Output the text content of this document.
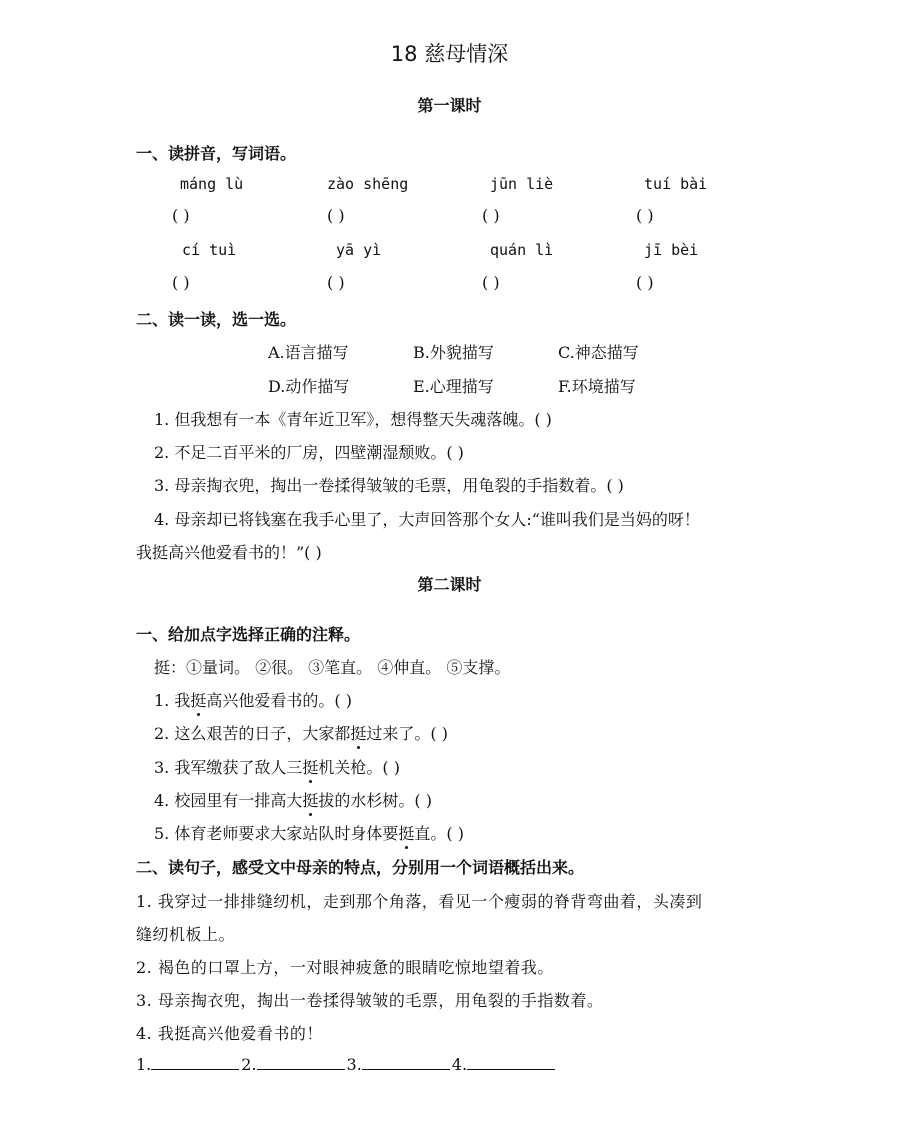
18 慈母情深
第一课时
一、读拼音，写词语。
máng lù	zào shēng	jūn liè	tuí bài
( )	( )	( )	( )
cí tuì	yā yì	quán lì	jī bèi
( )	( )	( )	( )
二、读一读，选一选。
A.语言描写	B.外貌描写	C.神态描写
D.动作描写	E.心理描写	F.环境描写
1. 但我想有一本《青年近卫军》，想得整天失魂落魄。( )
2. 不足二百平米的厂房，四壁潮湿颓败。( )
3. 母亲掏衣兜，掏出一卷揉得皱皱的毛票，用龟裂的手指数着。( )
4. 母亲却已将钱塞在我手心里了，大声回答那个女人:“谁叫我们是当妈的呀！
我挺高兴他爱看书的！”( )
第二课时
一、给加点字选择正确的注释。
挺：①量词。 ②很。 ③笔直。 ④伸直。 ⑤支撑。
1. 我挺高兴他爱看书的。( )
2. 这么艰苦的日子，大家都挺过来了。( )
3. 我军缴获了敌人三挺机关枪。( )
4. 校园里有一排高大挺拔的水杉树。( )
5. 体育老师要求大家站队时身体要挺直。( )
二、读句子，感受文中母亲的特点，分别用一个词语概括出来。
1. 我穿过一排排缝纫机，走到那个角落，看见一个瘦弱的脊背弯曲着，头凑到
缝纫机板上。
2. 褐色的口罩上方，一对眼神疲惫的眼睛吃惊地望着我。
3. 母亲掏衣兜，掏出一卷揉得皱皱的毛票，用龟裂的手指数着。
4. 我挺高兴他爱看书的！
1.	2.	3.	4.
